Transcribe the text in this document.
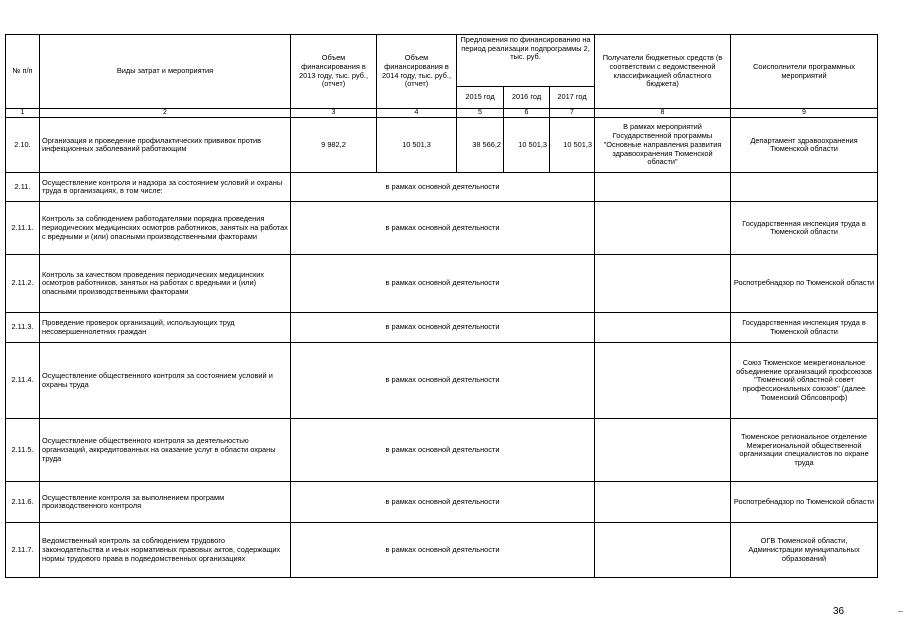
№ п/п	Виды затрат и мероприятия	Объем финансирования в 2013 году, тыс. руб., (отчет)	Объем финансирования в 2014 году, тыс. руб., (отчет)	Предложения по финансированию на период реализации подпрограммы 2, тыс. руб.			Получатели бюджетных средств (в соответствии с ведомственной классификацией областного бюджета)	Соисполнители программных мероприятий
				2015 год	2016 год	2017 год		
1	2	3	4	5	6	7	8	9
2.10.	Организация и проведение профилактических прививок против инфекционных заболеваний работающим	9 982,2	10 501,3	38 566,2	10 501,3	10 501,3	В рамках мероприятий Государственной программы "Основные направления развития здравоохранения Тюменской области"	Департамент здравоохранения Тюменской области
2.11.	Осуществление контроля и надзора за состоянием условий и охраны труда в организациях, в том числе:	в рамках основной деятельности						
2.11.1.	Контроль за соблюдением работодателями порядка проведения периодических медицинских осмотров работников, занятых на работах с вредными и (или) опасными производственными факторами	в рамках основной деятельности						Государственная инспекция труда в Тюменской области
2.11.2.	Контроль за качеством проведения периодических медицинских осмотров работников, занятых на работах с вредными и (или) опасными производственными факторами	в рамках основной деятельности						Роспотребнадзор по Тюменской области
2.11.3.	Проведение проверок организаций, использующих труд несовершеннолетних граждан	в рамках основной деятельности						Государственная инспекция труда в Тюменской области
2.11.4.	Осуществление общественного контроля за состоянием условий и охраны труда	в рамках основной деятельности						Союз Тюменское межрегиональное объединение организаций профсоюзов "Тюменский областной совет профессиональных союзов" (далее Тюменский Облсовпроф)
2.11.5.	Осуществление общественного контроля за деятельностью организаций, аккредитованных на оказание услуг в области охраны труда	в рамках основной деятельности						Тюменское региональное отделение Межрегиональной общественной организации специалистов по охране труда
2.11.6.	Осуществление контроля за выполнением программ производственного контроля	в рамках основной деятельности						Роспотребнадзор по Тюменской области
2.11.7.	Ведомственный контроль за соблюдением трудового законодательства и иных нормативных правовых актов, содержащих нормы трудового права в подведомственных организациях	в рамках основной деятельности						ОГВ Тюменской области, Администрации муниципальных образований
36
